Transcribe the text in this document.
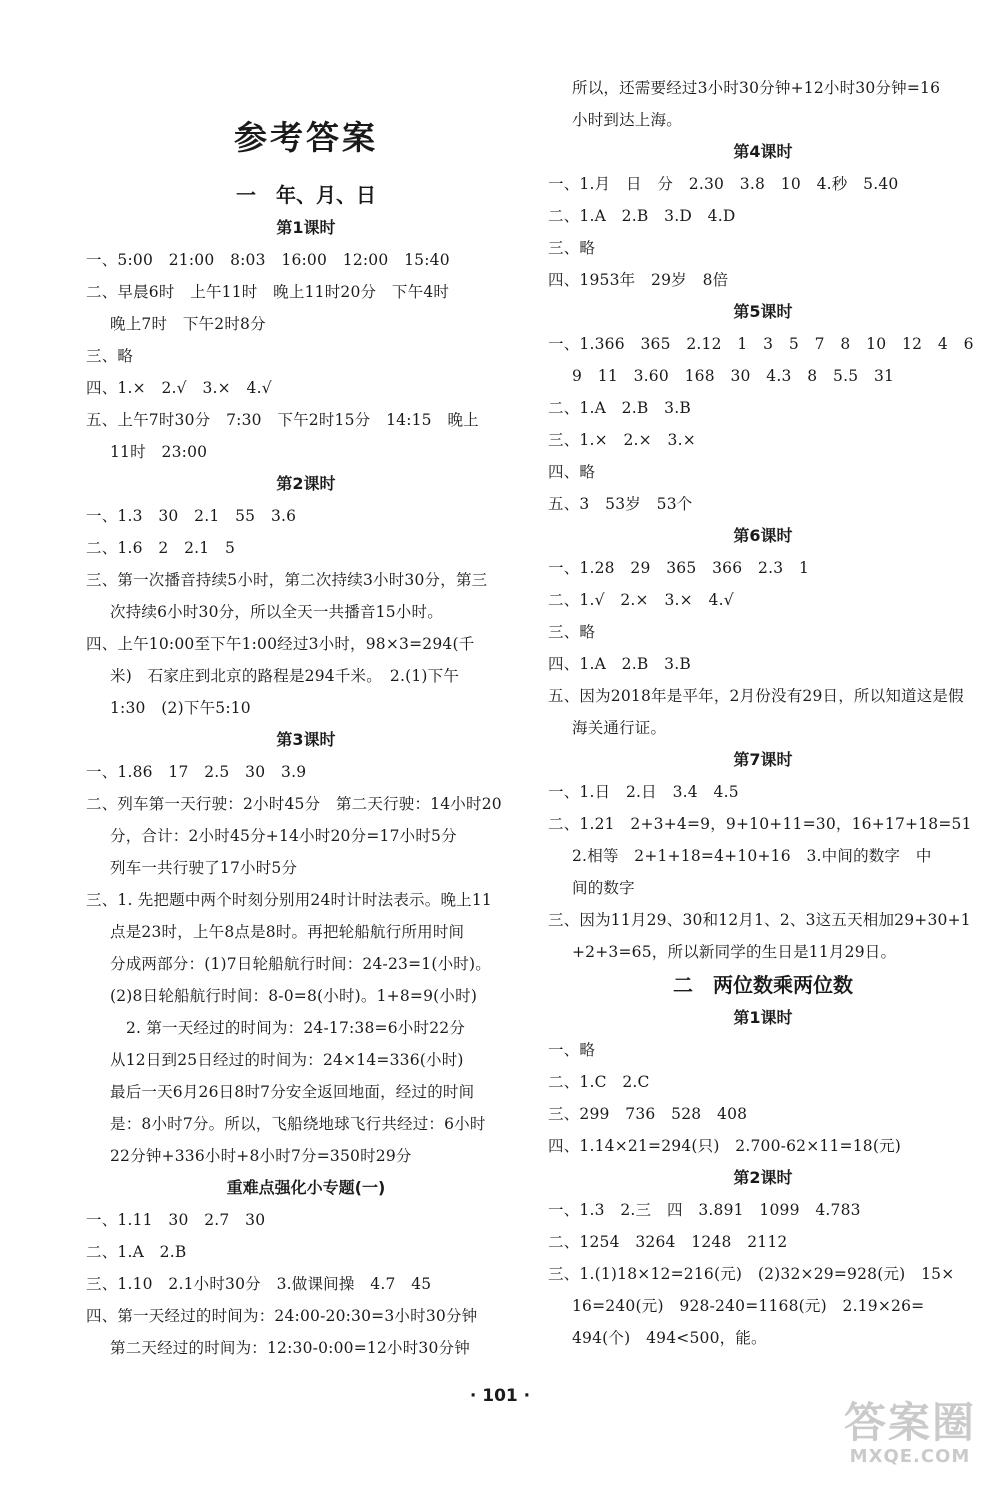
参考答案
一　年、月、日
第1课时
一、5:00　21:00　8:03　16:00　12:00　15:40
二、早晨6时　上午11时　晚上11时20分　下午4时
晚上7时　下午2时8分
三、略
四、1.×　2.√　3.×　4.√
五、上午7时30分　7:30　下午2时15分　14:15　晚上
11时　23:00
第2课时
一、1.3　30　2.1　55　3.6
二、1.6　2　2.1　5
三、第一次播音持续5小时，第二次持续3小时30分，第三
次持续6小时30分，所以全天一共播音15小时。
四、上午10:00至下午1:00经过3小时，98×3=294(千
米)　石家庄到北京的路程是294千米。　2.(1)下午
1:30　(2)下午5:10
第3课时
一、1.86　17　2.5　30　3.9
二、列车第一天行驶：2小时45分　第二天行驶：14小时20
分，合计：2小时45分+14小时20分=17小时5分
列车一共行驶了17小时5分
三、1. 先把题中两个时刻分别用24时计时法表示。晚上11
点是23时，上午8点是8时。再把轮船航行所用时间
分成两部分：(1)7日轮船航行时间：24-23=1(小时)。
(2)8日轮船航行时间：8-0=8(小时)。1+8=9(小时)
2. 第一天经过的时间为：24-17:38=6小时22分
从12日到25日经过的时间为：24×14=336(小时)
最后一天6月26日8时7分安全返回地面，经过的时间
是：8小时7分。所以，飞船绕地球飞行共经过：6小时
22分钟+336小时+8小时7分=350时29分
重难点强化小专题(一)
一、1.11　30　2.7　30
二、1.A　2.B
三、1.10　2.1小时30分　3.做课间操　4.7　45
四、第一天经过的时间为：24:00-20:30=3小时30分钟
第二天经过的时间为：12:30-0:00=12小时30分钟
所以，还需要经过3小时30分钟+12小时30分钟=16
小时到达上海。
第4课时
一、1.月　日　分　2.30　3.8　10　4.秒　5.40
二、1.A　2.B　3.D　4.D
三、略
四、1953年　29岁　8倍
第5课时
一、1.366　365　2.12　1　3　5　7　8　10　12　4　6
9　11　3.60　168　30　4.3　8　5.5　31
二、1.A　2.B　3.B
三、1.×　2.×　3.×
四、略
五、3　53岁　53个
第6课时
一、1.28　29　365　366　2.3　1
二、1.√　2.×　3.×　4.√
三、略
四、1.A　2.B　3.B
五、因为2018年是平年，2月份没有29日，所以知道这是假
海关通行证。
第7课时
一、1.日　2.日　3.4　4.5
二、1.21　2+3+4=9，9+10+11=30，16+17+18=51
2.相等　2+1+18=4+10+16　3.中间的数字　中
间的数字
三、因为11月29、30和12月1、2、3这五天相加29+30+1
+2+3=65，所以新同学的生日是11月29日。
二　两位数乘两位数
第1课时
一、略
二、1.C　2.C
三、299　736　528　408
四、1.14×21=294(只)　2.700-62×11=18(元)
第2课时
一、1.3　2.三　四　3.891　1099　4.783
二、1254　3264　1248　2112
三、1.(1)18×12=216(元)　(2)32×29=928(元)　15×
16=240(元)　928-240=1168(元)　2.19×26=
494(个)　494<500，能。
· 101 ·
答案圈
MXQE.COM
